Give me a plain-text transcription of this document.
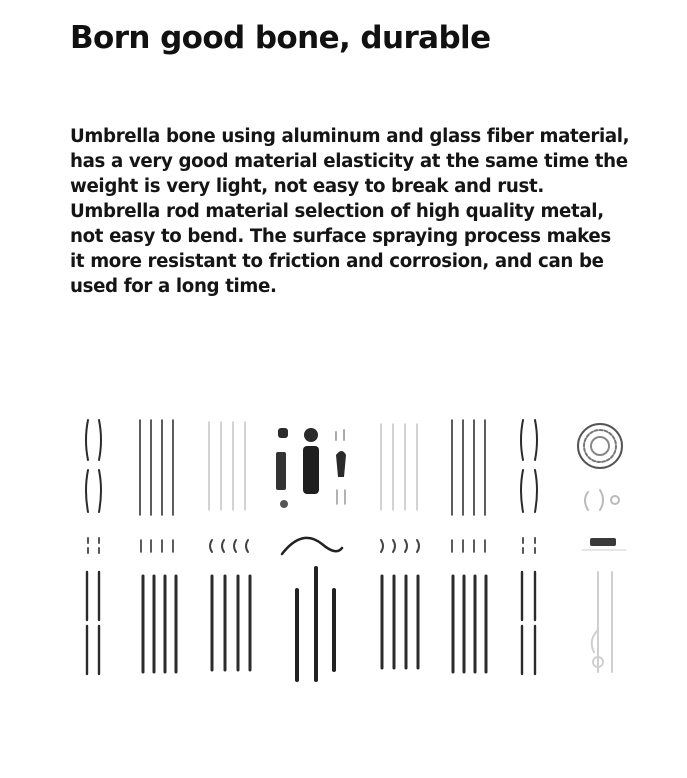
Born good bone, durable

Umbrella bone using aluminum and glass fiber material, has a very good material elasticity at the same time the weight is very light, not easy to break and rust. Umbrella rod material selection of high quality metal, not easy to bend. The surface spraying process makes it more resistant to friction and corrosion, and can be used for a long time.
